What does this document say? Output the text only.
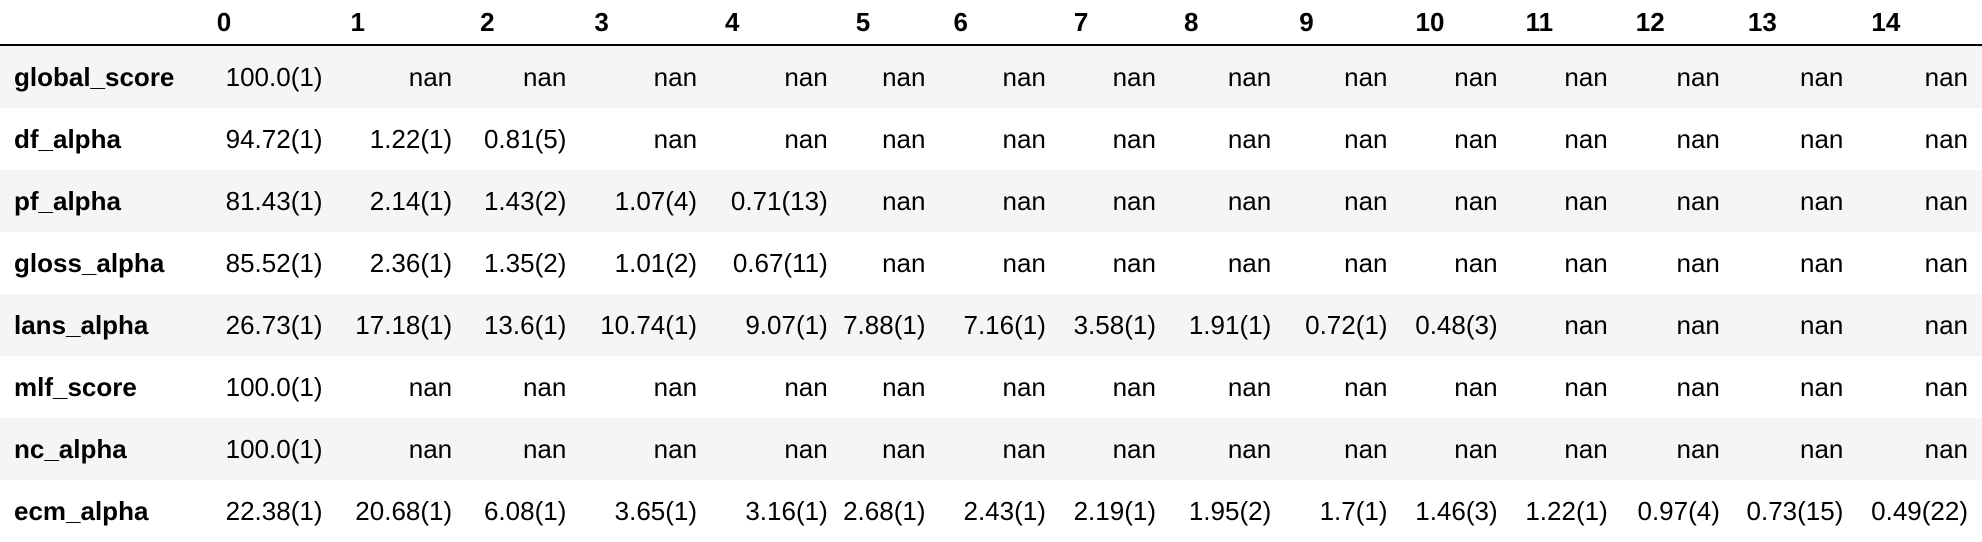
	0	1	2	3	4	5	6	7	8	9	10	11	12	13	14
global_score	100.0(1)	nan	nan	nan	nan	nan	nan	nan	nan	nan	nan	nan	nan	nan	nan
df_alpha	94.72(1)	1.22(1)	0.81(5)	nan	nan	nan	nan	nan	nan	nan	nan	nan	nan	nan	nan
pf_alpha	81.43(1)	2.14(1)	1.43(2)	1.07(4)	0.71(13)	nan	nan	nan	nan	nan	nan	nan	nan	nan	nan
gloss_alpha	85.52(1)	2.36(1)	1.35(2)	1.01(2)	0.67(11)	nan	nan	nan	nan	nan	nan	nan	nan	nan	nan
lans_alpha	26.73(1)	17.18(1)	13.6(1)	10.74(1)	9.07(1)	7.88(1)	7.16(1)	3.58(1)	1.91(1)	0.72(1)	0.48(3)	nan	nan	nan	nan
mlf_score	100.0(1)	nan	nan	nan	nan	nan	nan	nan	nan	nan	nan	nan	nan	nan	nan
nc_alpha	100.0(1)	nan	nan	nan	nan	nan	nan	nan	nan	nan	nan	nan	nan	nan	nan
ecm_alpha	22.38(1)	20.68(1)	6.08(1)	3.65(1)	3.16(1)	2.68(1)	2.43(1)	2.19(1)	1.95(2)	1.7(1)	1.46(3)	1.22(1)	0.97(4)	0.73(15)	0.49(22)
